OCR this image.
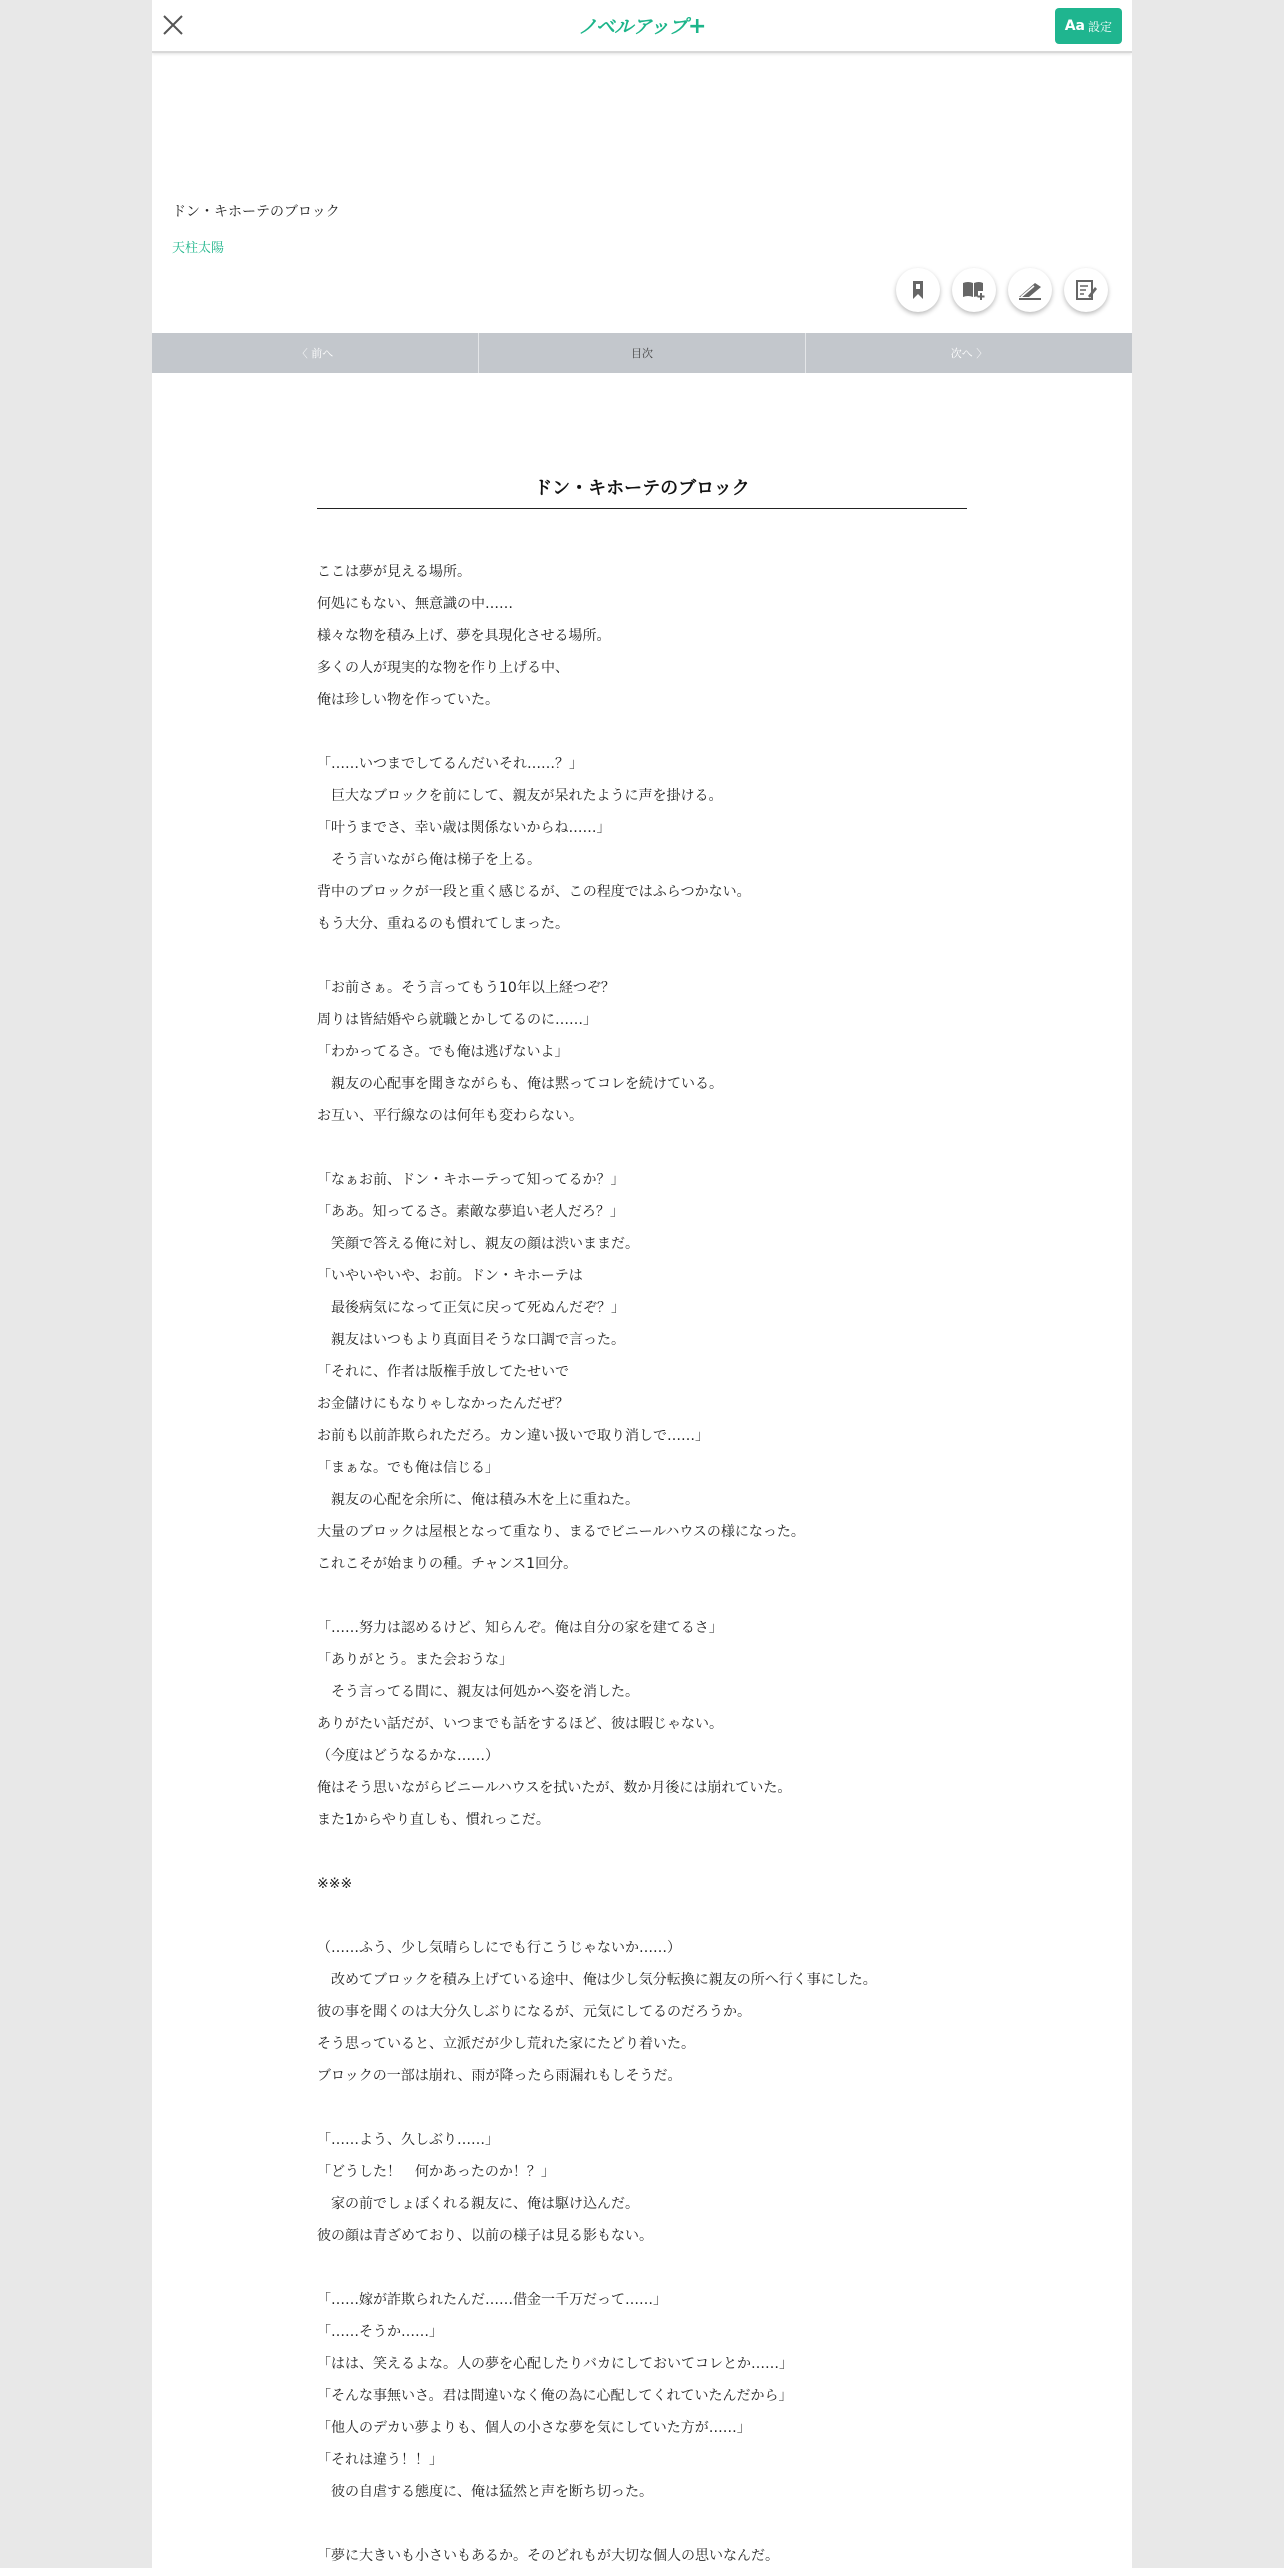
ノベルアップ+	Aa 設定
ドン・キホーテのブロック
天柱太陽
〈 前へ	目次	次へ 〉
ドン・キホーテのブロック
ここは夢が見える場所。
何処にもない、無意識の中……
様々な物を積み上げ、夢を具現化させる場所。
多くの人が現実的な物を作り上げる中、
俺は珍しい物を作っていた。
「……いつまでしてるんだいそれ……？」
　巨大なブロックを前にして、親友が呆れたように声を掛ける。
「叶うまでさ、幸い歳は関係ないからね……」
　そう言いながら俺は梯子を上る。
背中のブロックが一段と重く感じるが、この程度ではふらつかない。
もう大分、重ねるのも慣れてしまった。
「お前さぁ。そう言ってもう10年以上経つぞ？
周りは皆結婚やら就職とかしてるのに……」
「わかってるさ。でも俺は逃げないよ」
　親友の心配事を聞きながらも、俺は黙ってコレを続けている。
お互い、平行線なのは何年も変わらない。
「なぁお前、ドン・キホーテって知ってるか？」
「ああ。知ってるさ。素敵な夢追い老人だろ？」
　笑顔で答える俺に対し、親友の顔は渋いままだ。
「いやいやいや、お前。ドン・キホーテは
　最後病気になって正気に戻って死ぬんだぞ？」
　親友はいつもより真面目そうな口調で言った。
「それに、作者は版権手放してたせいで
お金儲けにもなりゃしなかったんだぜ？
お前も以前詐欺られただろ。カン違い扱いで取り消しで……」
「まぁな。でも俺は信じる」
　親友の心配を余所に、俺は積み木を上に重ねた。
大量のブロックは屋根となって重なり、まるでビニールハウスの様になった。
これこそが始まりの種。チャンス1回分。
「……努力は認めるけど、知らんぞ。俺は自分の家を建てるさ」
「ありがとう。また会おうな」
　そう言ってる間に、親友は何処かへ姿を消した。
ありがたい話だが、いつまでも話をするほど、彼は暇じゃない。
（今度はどうなるかな……）
俺はそう思いながらビニールハウスを拭いたが、数か月後には崩れていた。
また1からやり直しも、慣れっこだ。
※※※
（……ふう、少し気晴らしにでも行こうじゃないか……）
　改めてブロックを積み上げている途中、俺は少し気分転換に親友の所へ行く事にした。
彼の事を聞くのは大分久しぶりになるが、元気にしてるのだろうか。
そう思っていると、立派だが少し荒れた家にたどり着いた。
ブロックの一部は崩れ、雨が降ったら雨漏れもしそうだ。
「……よう、久しぶり……」
「どうした！　何かあったのか！？」
　家の前でしょぼくれる親友に、俺は駆け込んだ。
彼の顔は青ざめており、以前の様子は見る影もない。
「……嫁が詐欺られたんだ……借金一千万だって……」
「……そうか……」
「はは、笑えるよな。人の夢を心配したりバカにしておいてコレとか……」
「そんな事無いさ。君は間違いなく俺の為に心配してくれていたんだから」
「他人のデカい夢よりも、個人の小さな夢を気にしていた方が……」
「それは違う！！」
　彼の自虐する態度に、俺は猛然と声を断ち切った。
「夢に大きいも小さいもあるか。そのどれもが大切な個人の思いなんだ。
